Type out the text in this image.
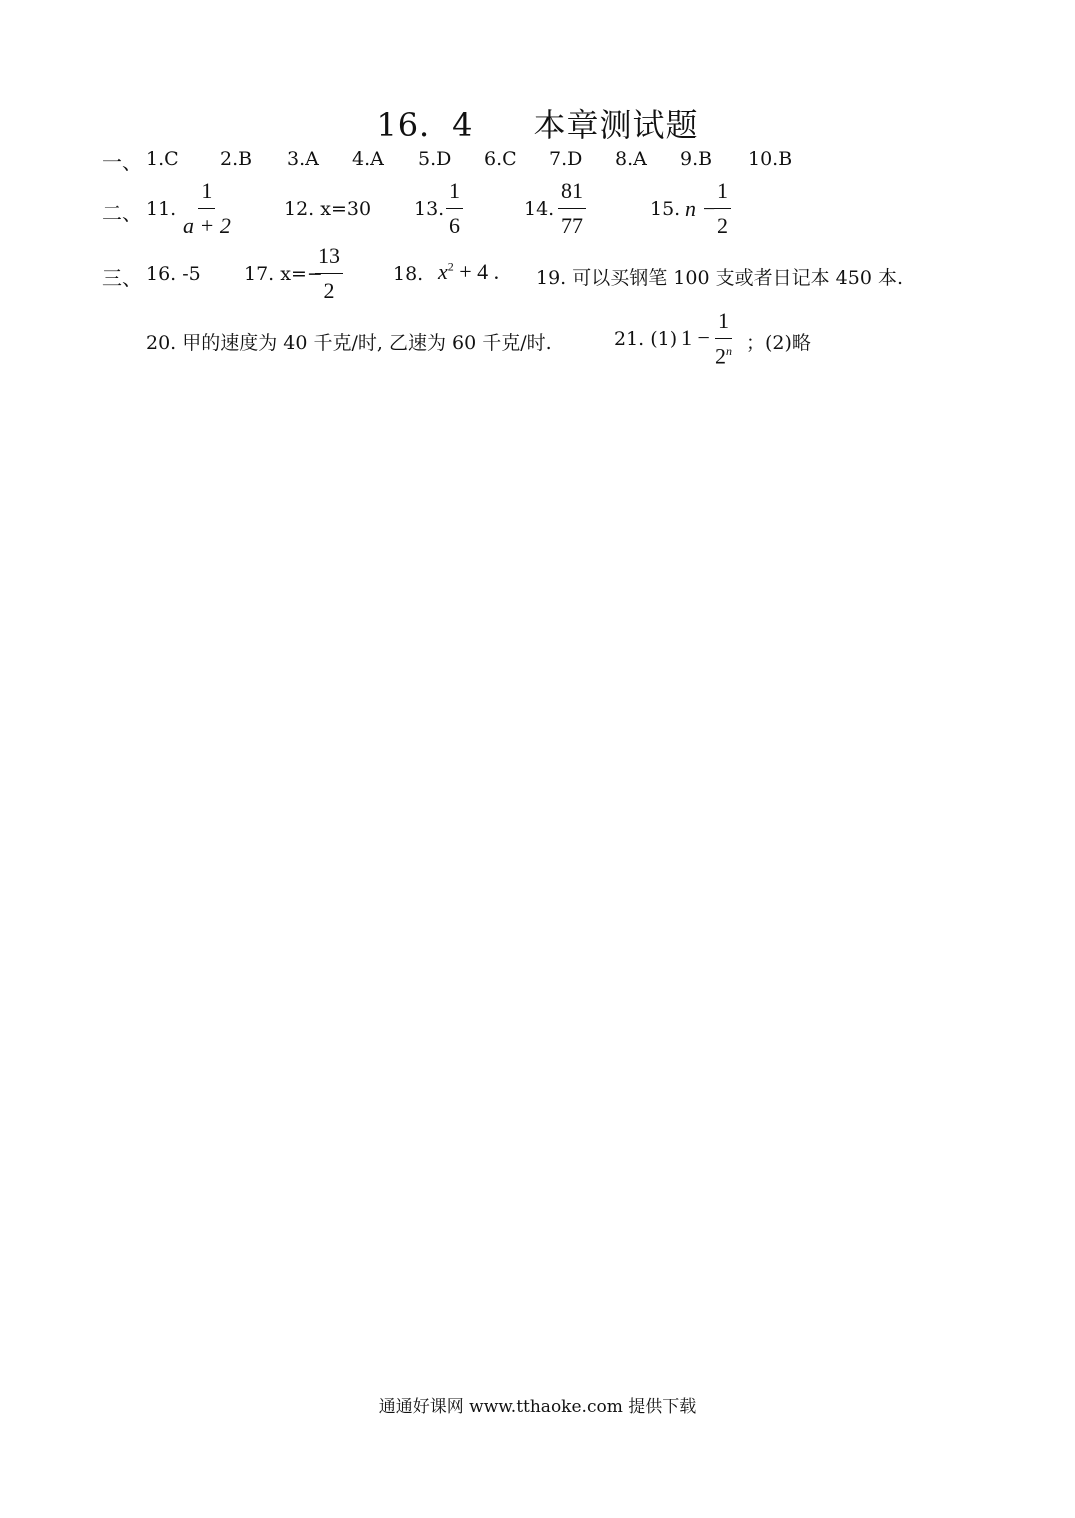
16．4 本章测试题
一、 1.C 2.B 3.A 4.A 5.D 6.C 7.D 8.A 9.B 10.B
二、 11. $\frac{1}{a + 2}$	12. x=30 13. $\frac{1}{6}$	14. $\frac{81}{77}$	15. n −
$\frac{1}{2}$
三、 16. -5 17. x=−
$\frac{13}{2}$	18. $x^2 + 4$ . 19. 可以买钢笔 100 支或者日记本 450 本.
20. 甲的速度为 40 千克/时, 乙速为 60 千克/时.	21. (1) $1 - \frac{1}{2^n}$ ；(2)略
通通好课网 www.tthaoke.com 提供下载
